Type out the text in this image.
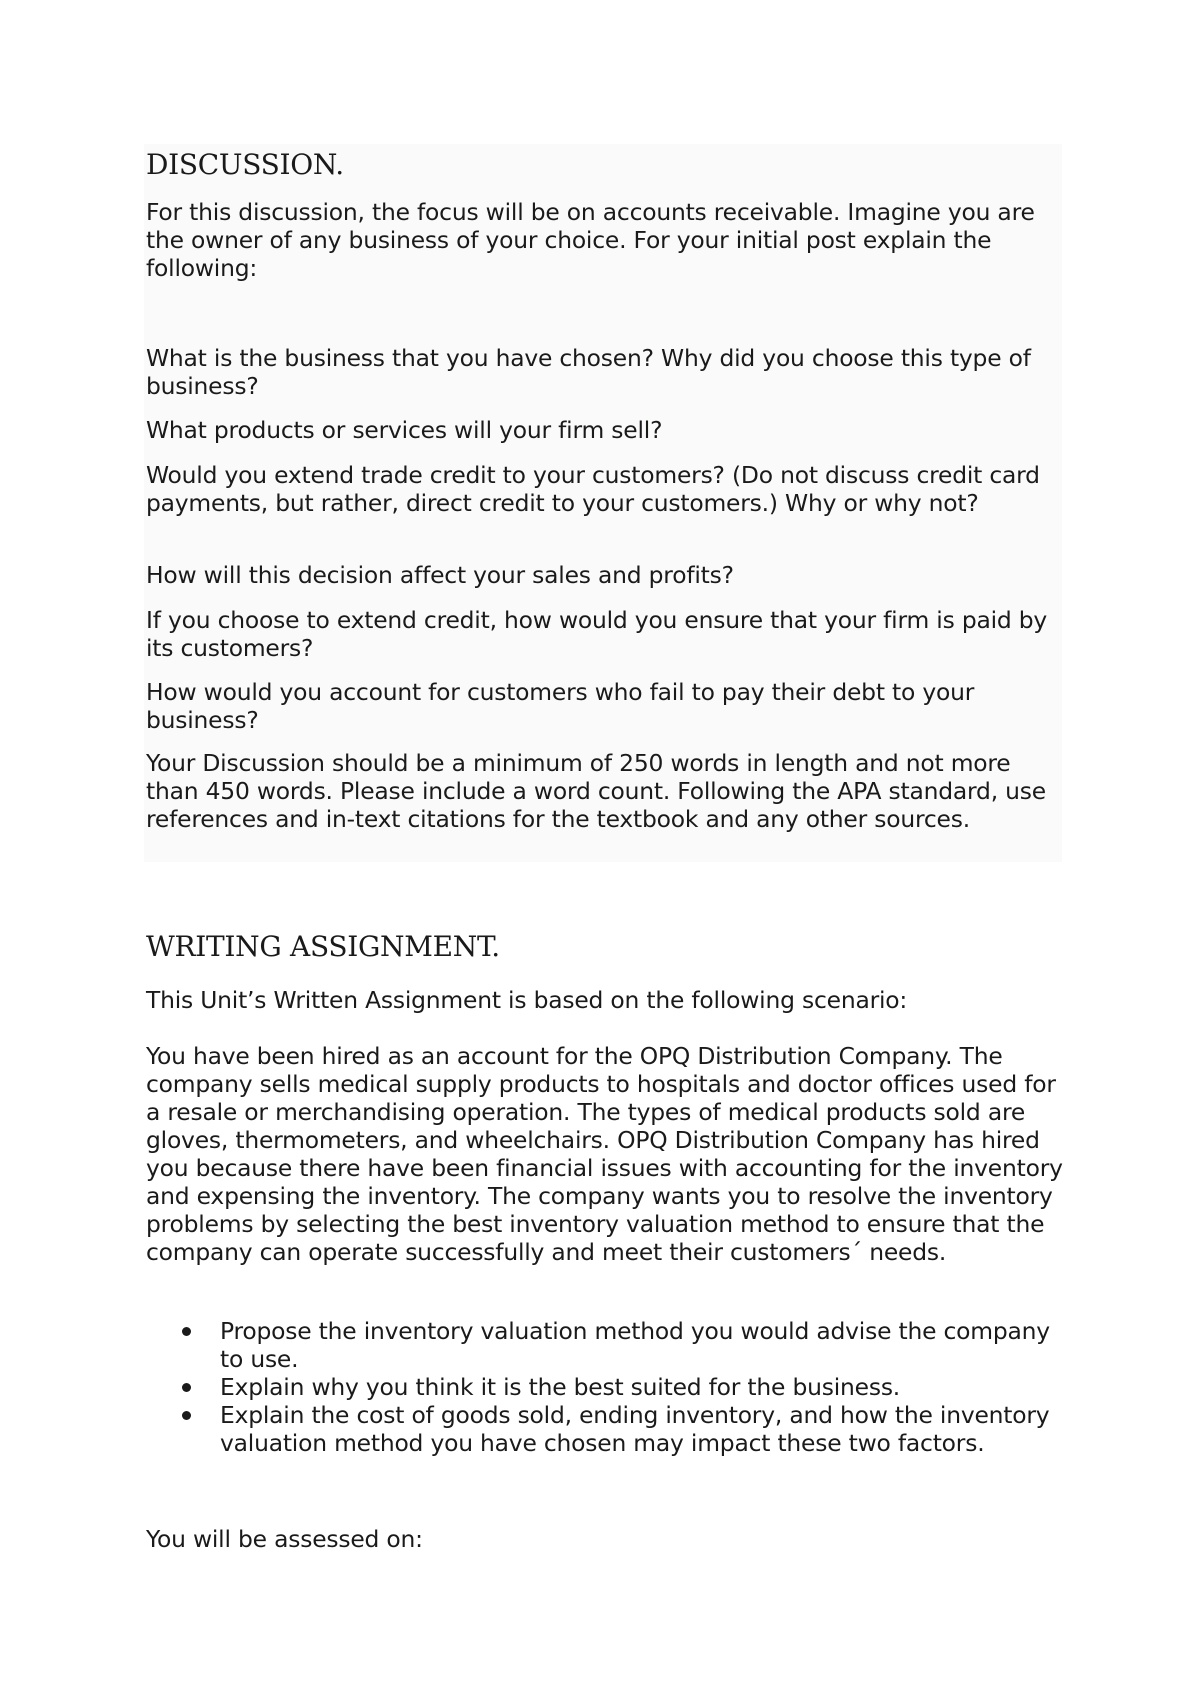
DISCUSSION.

For this discussion, the focus will be on accounts receivable. Imagine you are the owner of any business of your choice. For your initial post explain the following:

What is the business that you have chosen? Why did you choose this type of business?

What products or services will your firm sell?

Would you extend trade credit to your customers? (Do not discuss credit card payments, but rather, direct credit to your customers.) Why or why not?

How will this decision affect your sales and profits?

If you choose to extend credit, how would you ensure that your firm is paid by its customers?

How would you account for customers who fail to pay their debt to your business?

Your Discussion should be a minimum of 250 words in length and not more than 450 words. Please include a word count. Following the APA standard, use references and in-text citations for the textbook and any other sources.

WRITING ASSIGNMENT.

This Unit’s Written Assignment is based on the following scenario:

You have been hired as an account for the OPQ Distribution Company. The company sells medical supply products to hospitals and doctor offices used for a resale or merchandising operation. The types of medical products sold are gloves, thermometers, and wheelchairs. OPQ Distribution Company has hired you because there have been financial issues with accounting for the inventory and expensing the inventory. The company wants you to resolve the inventory problems by selecting the best inventory valuation method to ensure that the company can operate successfully and meet their customers´ needs.

Propose the inventory valuation method you would advise the company to use.
Explain why you think it is the best suited for the business.
Explain the cost of goods sold, ending inventory, and how the inventory valuation method you have chosen may impact these two factors.

You will be assessed on:
